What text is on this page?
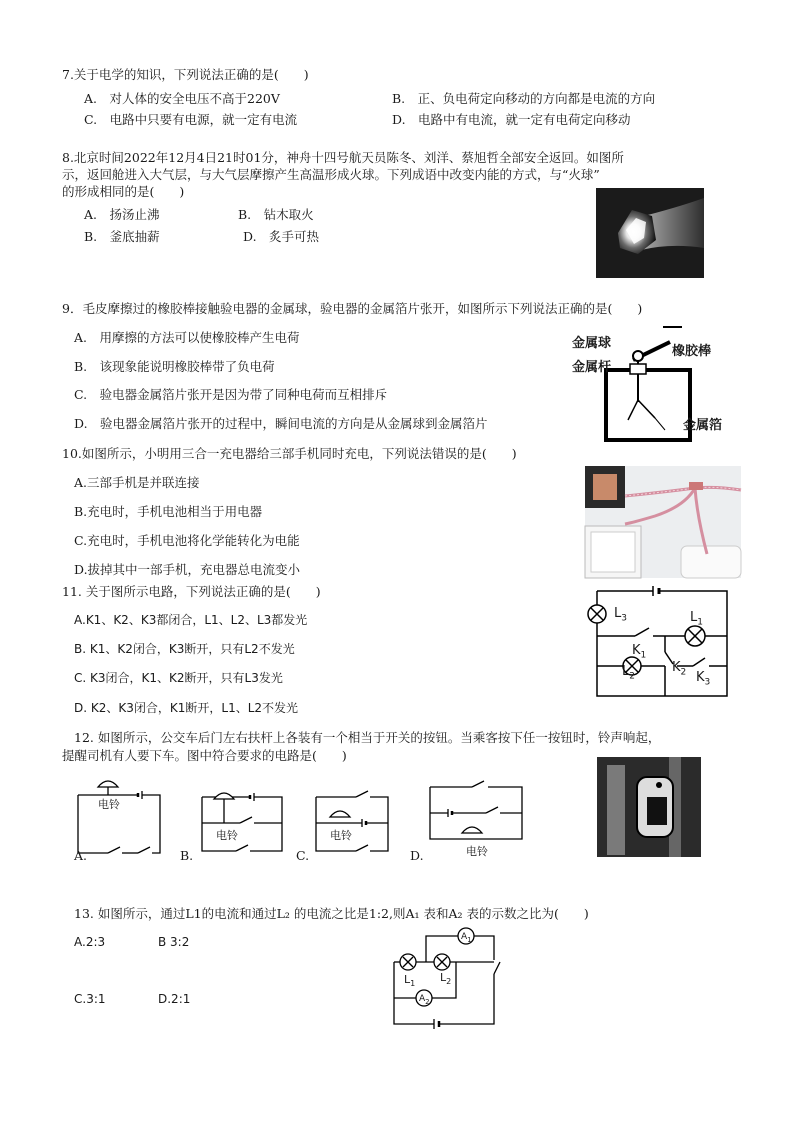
7.关于电学的知识，下列说法正确的是(　　)
A.　对人体的安全电压不高于220V	B.　正、负电荷定向移动的方向都是电流的方向
C.　电路中只要有电源，就一定有电流	D.　电路中有电流，就一定有电荷定向移动
8.北京时间2022年12月4日21时01分，神舟十四号航天员陈冬、刘洋、蔡旭哲全部安全返回。如图所
示，返回舱进入大气层，与大气层摩擦产生高温形成火球。下列成语中改变内能的方式，与“火球”
的形成相同的是(　　)
A.　扬汤止沸	B.　钻木取火
B.　釜底抽薪	D.　炙手可热
9．毛皮摩擦过的橡胶棒接触验电器的金属球，验电器的金属箔片张开，如图所示下列说法正确的是(　　)
A.　用摩擦的方法可以使橡胶棒产生电荷
B.　该现象能说明橡胶棒带了负电荷
C.　验电器金属箔片张开是因为带了同种电荷而互相排斥
D.　验电器金属箔片张开的过程中，瞬间电流的方向是从金属球到金属箔片
金属球
金属杆
橡胶棒
金属箔
10.如图所示，小明用三合一充电器给三部手机同时充电，下列说法错误的是(　　)
A.三部手机是并联连接
B.充电时，手机电池相当于用电器
C.充电时，手机电池将化学能转化为电能
D.拔掉其中一部手机，充电器总电流变小
11. 关于图所示电路，下列说法正确的是(　　)
A.K1、K2、K3都闭合，L1、L2、L3都发光
B. K1、K2闭合，K3断开，只有L2不发光
C. K3闭合，K1、K2断开，只有L3发光
D. K2、K3闭合，K1断开，L1、L2不发光
$L_3$	$L_1$
$K_1$
$L_2$
$K_2$ $K_3$
12. 如图所示，公交车后门左右扶杆上各装有一个相当于开关的按钮。当乘客按下任一按钮时，铃声响起，
提醒司机有人要下车。图中符合要求的电路是(　　)
电铃
A.
电铃
B.
电铃
C.	电铃
D.
13. 如图所示，通过L1的电流和通过L₂ 的电流之比是1:2,则A₁ 表和A₂ 表的示数之比为(　　)
A.2:3	B 3:2
C.3:1	D.2:1
$A_1$
$A_2$
$L_1$ $L_2$
